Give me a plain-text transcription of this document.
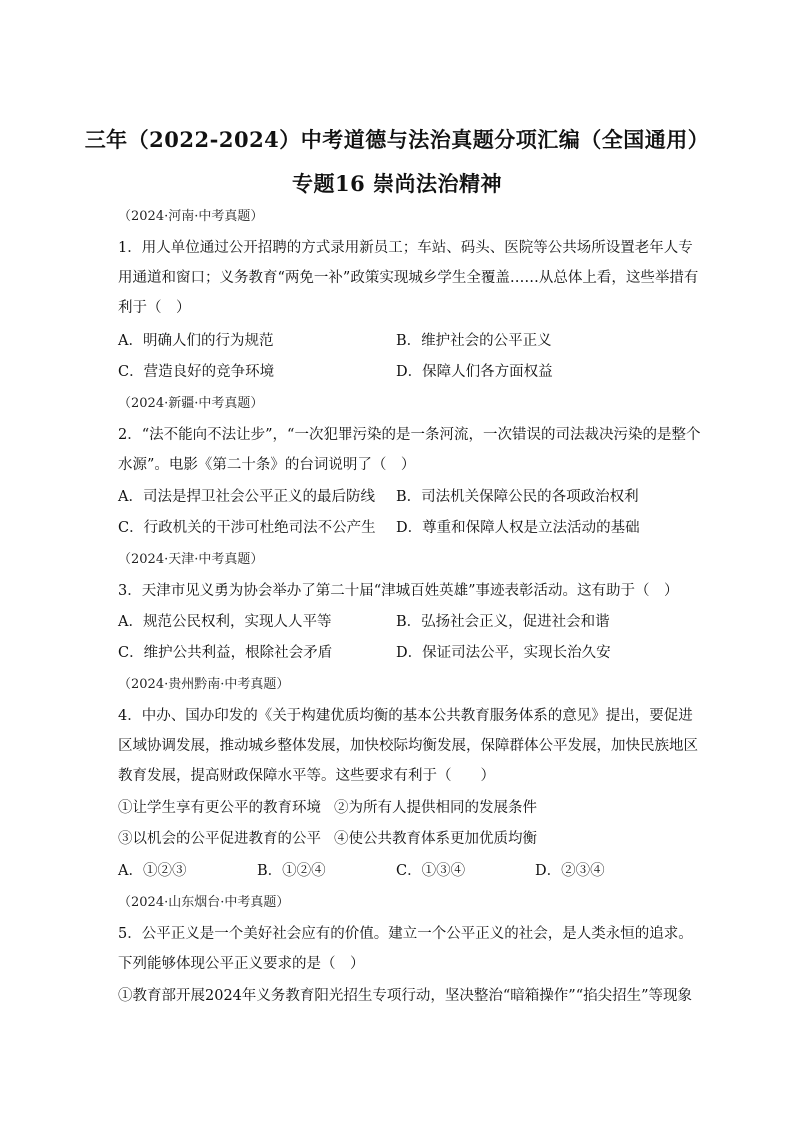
三年（2022-2024）中考道德与法治真题分项汇编（全国通用）
专题16 崇尚法治精神
（2024·河南·中考真题）
1．用人单位通过公开招聘的方式录用新员工；车站、码头、医院等公共场所设置老年人专
用通道和窗口；义务教育“两免一补”政策实现城乡学生全覆盖……从总体上看，这些举措有
利于（　）
A．明确人们的行为规范	B．维护社会的公平正义
C．营造良好的竞争环境	D．保障人们各方面权益
（2024·新疆·中考真题）
2．“法不能向不法让步”，“一次犯罪污染的是一条河流，一次错误的司法裁决污染的是整个
水源”。电影《第二十条》的台词说明了（　）
A．司法是捍卫社会公平正义的最后防线 B．司法机关保障公民的各项政治权利
C．行政机关的干涉可杜绝司法不公产生 D．尊重和保障人权是立法活动的基础
（2024·天津·中考真题）
3．天津市见义勇为协会举办了第二十届“津城百姓英雄”事迹表彰活动。这有助于（　）
A．规范公民权利，实现人人平等	B．弘扬社会正义，促进社会和谐
C．维护公共利益，根除社会矛盾	D．保证司法公平，实现长治久安
（2024·贵州黔南·中考真题）
4．中办、国办印发的《关于构建优质均衡的基本公共教育服务体系的意见》提出，要促进
区域协调发展，推动城乡整体发展，加快校际均衡发展，保障群体公平发展，加快民族地区
教育发展，提高财政保障水平等。这些要求有利于（　　）
①让学生享有更公平的教育环境 ②为所有人提供相同的发展条件
③以机会的公平促进教育的公平 ④使公共教育体系更加优质均衡
A．①②③	B．①②④	C．①③④	D．②③④
（2024·山东烟台·中考真题）
5．公平正义是一个美好社会应有的价值。建立一个公平正义的社会，是人类永恒的追求。
下列能够体现公平正义要求的是（　）
①教育部开展2024年义务教育阳光招生专项行动，坚决整治“暗箱操作”“掐尖招生”等现象
